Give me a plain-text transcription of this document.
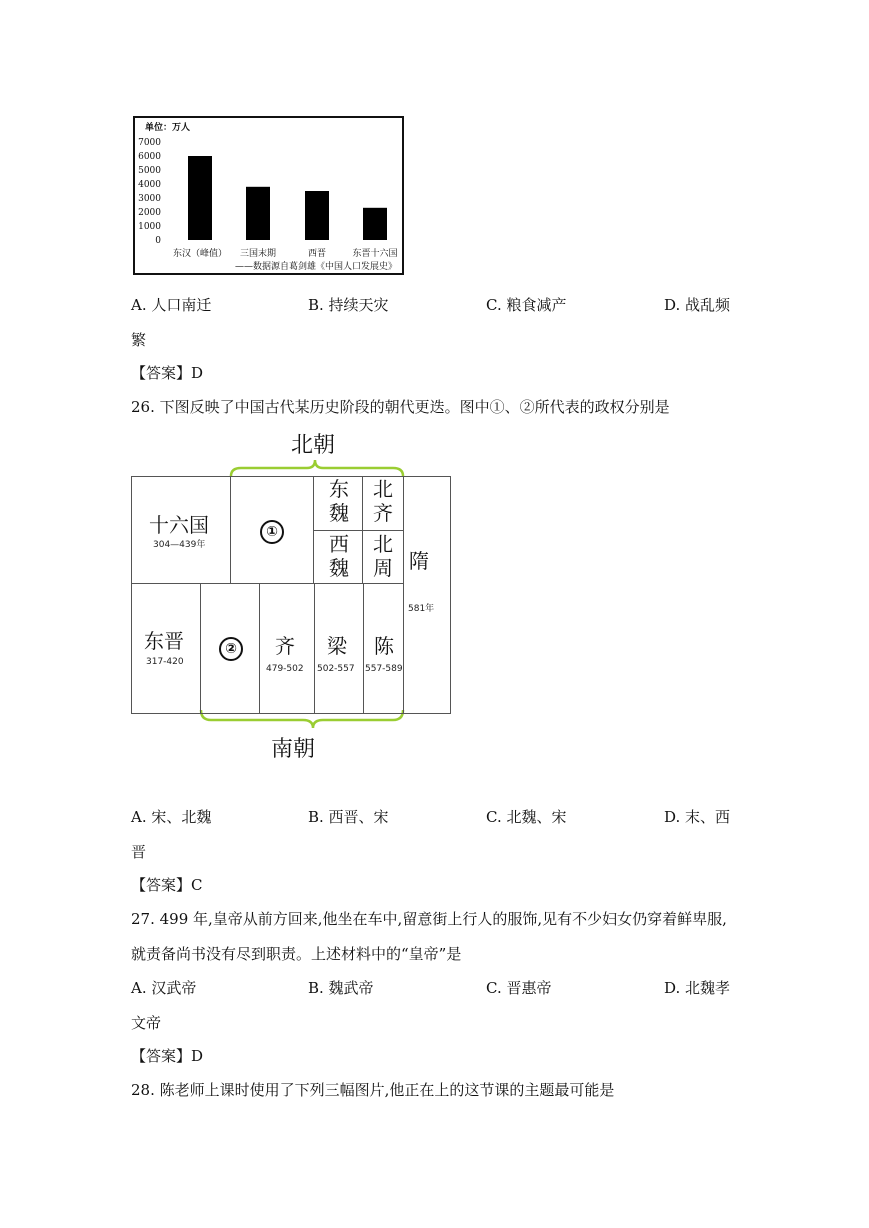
单位：万人
7000
6000
5000
4000
3000
2000
1000
0
东汉（峰值） 三国末期	西晋	东晋十六国
——数据源自葛剑雄《中国人口发展史》
A. 人口南迁	B. 持续天灾	C. 粮食减产	D. 战乱频
繁
【答案】D
26. 下图反映了中国古代某历史阶段的朝代更迭。图中①、②所代表的政权分别是
北朝
南朝
十六国
304—439年
①
东魏
北齐
西魏
北周 隋
581年
东晋
317-420
②	齐
479-502
梁
502-557
陈
557-589
A. 宋、北魏	B. 西晋、宋	C. 北魏、宋	D. 末、西
晋
【答案】C
27. 499 年,皇帝从前方回来,他坐在车中,留意街上行人的服饰,见有不少妇女仍穿着鲜卑服,
就责备尚书没有尽到职责。上述材料中的“皇帝”是
A. 汉武帝	B. 魏武帝	C. 晋惠帝	D. 北魏孝
文帝
【答案】D
28. 陈老师上课时使用了下列三幅图片,他正在上的这节课的主题最可能是
